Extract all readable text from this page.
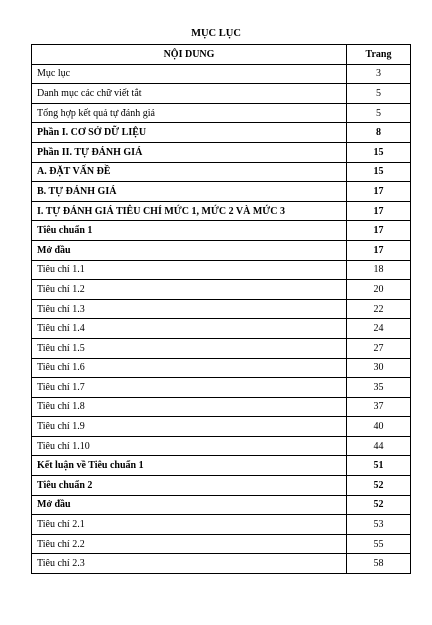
MỤC LỤC
NỘI DUNG	Trang
Mục lục	3
Danh mục các chữ viết tắt	5
Tổng hợp kết quả tự đánh giá	5
Phần I. CƠ SỞ DỮ LIỆU	8
Phần II. TỰ ĐÁNH GIÁ	15
A. ĐẶT VẤN ĐỀ	15
B. TỰ ĐÁNH GIÁ	17
I. TỰ ĐÁNH GIÁ TIÊU CHÍ MỨC 1, MỨC 2 VÀ MỨC 3	17
Tiêu chuẩn 1	17
Mở đầu	17
Tiêu chí 1.1	18
Tiêu chí 1.2	20
Tiêu chí 1.3	22
Tiêu chí 1.4	24
Tiêu chí 1.5	27
Tiêu chí 1.6	30
Tiêu chí 1.7	35
Tiêu chí 1.8	37
Tiêu chí 1.9	40
Tiêu chí 1.10	44
Kết luận về Tiêu chuẩn 1	51
Tiêu chuẩn 2	52
Mở đầu	52
Tiêu chí 2.1	53
Tiêu chí 2.2	55
Tiêu chí 2.3	58
